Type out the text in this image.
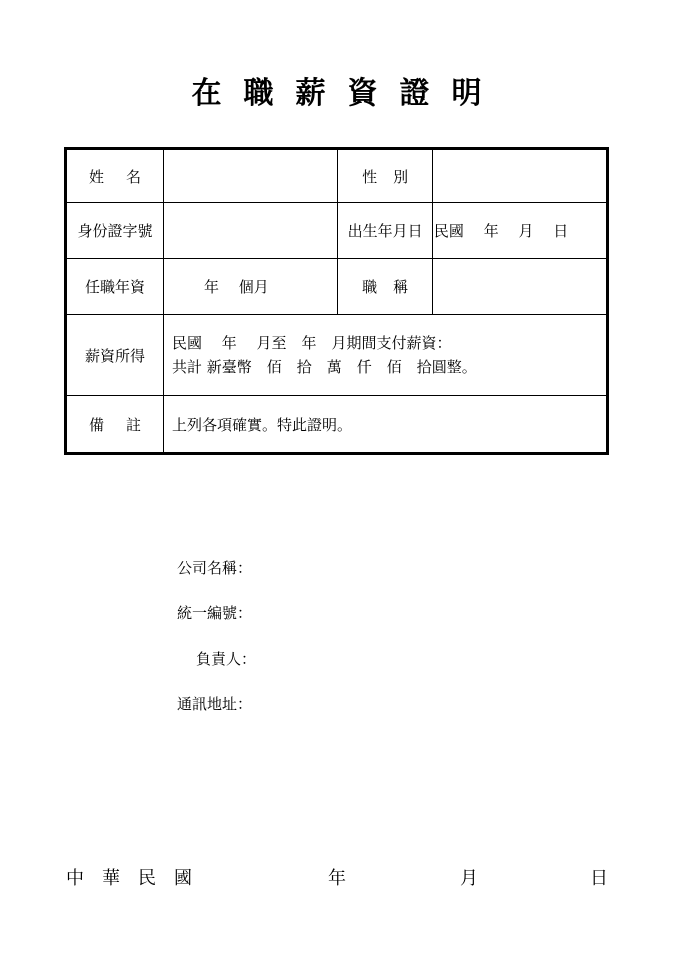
在職薪資證明
姓名		性別	
身份證字號		出生年月日	民國　 年　 月　 日
任職年資	年　 個月	職稱	
薪資所得	民國　 年　 月至　年　月期間支付薪資：
共計 新臺幣　佰　拾　萬　仟　佰　拾圓整。		

備註	上列各項確實。特此證明。		
公司名稱：
統一編號：
負責人：
通訊地址：
中　華　民　國	年	月	日
